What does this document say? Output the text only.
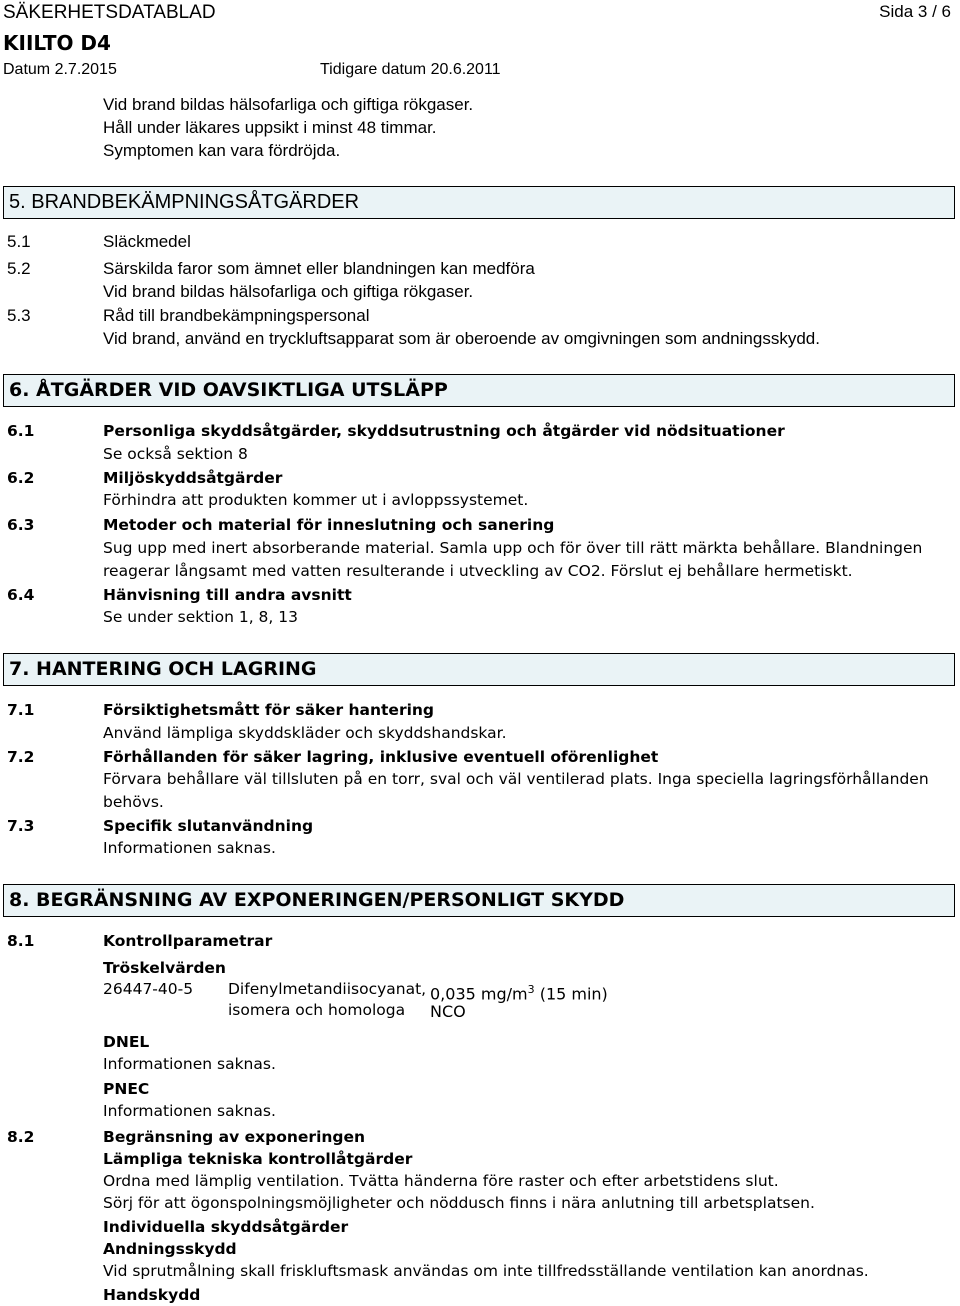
SÄKERHETSDATABLAD
KIILTO D4
Sida 3 / 6
Datum 2.7.2015	Tidigare datum 20.6.2011
Vid brand bildas hälsofarliga och giftiga rökgaser.
Håll under läkares uppsikt i minst 48 timmar.
Symptomen kan vara fördröjda.
5. BRANDBEKÄMPNINGSÅTGÄRDER
5.1	Släckmedel
5.2	Särskilda faror som ämnet eller blandningen kan medföra
Vid brand bildas hälsofarliga och giftiga rökgaser.
5.3	Råd till brandbekämpningspersonal
Vid brand, använd en tryckluftsapparat som är oberoende av omgivningen som andningsskydd.
6. ÅTGÄRDER VID OAVSIKTLIGA UTSLÄPP
6.1	Personliga skyddsåtgärder, skyddsutrustning och åtgärder vid nödsituationer
Se också sektion 8
6.2	Miljöskyddsåtgärder
Förhindra att produkten kommer ut i avloppssystemet.
6.3	Metoder och material för inneslutning och sanering
Sug upp med inert absorberande material. Samla upp och för över till rätt märkta behållare. Blandningen
reagerar långsamt med vatten resulterande i utveckling av CO2. Förslut ej behållare hermetiskt.
6.4	Hänvisning till andra avsnitt
Se under sektion 1, 8, 13
7. HANTERING OCH LAGRING
7.1	Försiktighetsmått för säker hantering
Använd lämpliga skyddskläder och skyddshandskar.
7.2	Förhållanden för säker lagring, inklusive eventuell oförenlighet
Förvara behållare väl tillsluten på en torr, sval och väl ventilerad plats. Inga speciella lagringsförhållanden
behövs.
7.3	Specifik slutanvändning
Informationen saknas.
8. BEGRÄNSNING AV EXPONERINGEN/PERSONLIGT SKYDD
8.1	Kontrollparametrar
Tröskelvärden
26447-40-5 Difenylmetandiisocyanat,
isomera och homologa
0,035 $mg/m^3$ (15 min)
NCO
DNEL
Informationen saknas.
PNEC
Informationen saknas.
8.2	Begränsning av exponeringen
Lämpliga tekniska kontrollåtgärder
Ordna med lämplig ventilation. Tvätta händerna före raster och efter arbetstidens slut.
Sörj för att ögonspolningsmöjligheter och nöddusch finns i nära anlutning till arbetsplatsen.
Individuella skyddsåtgärder
Andningsskydd
Vid sprutmålning skall friskluftsmask användas om inte tillfredsställande ventilation kan anordnas.
Handskydd
